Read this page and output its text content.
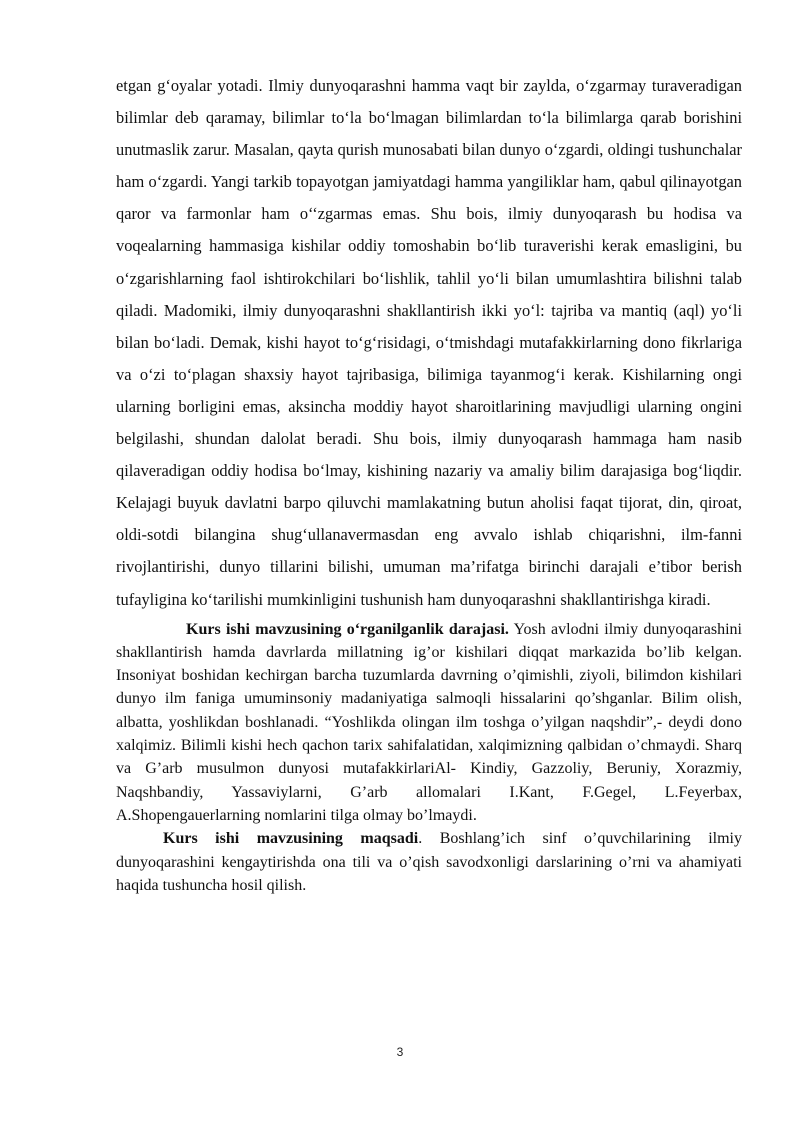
etgan g‘oyalar yotadi. Ilmiy dunyoqarashni hamma vaqt bir zaylda, o‘zgarmay turaveradigan bilimlar deb qaramay, bilimlar to‘la bo‘lmagan bilimlardan to‘la bilimlarga qarab borishini unutmaslik zarur. Masalan, qayta qurish munosabati bilan dunyo o‘zgardi, oldingi tushunchalar ham o‘zgardi. Yangi tarkib topayotgan jamiyatdagi hamma yangiliklar ham, qabul qilinayotgan qaror va farmonlar ham o‘‘zgarmas emas. Shu bois, ilmiy dunyoqarash bu hodisa va voqealarning hammasiga kishilar oddiy tomoshabin bo‘lib turaverishi kerak emasligini, bu o‘zgarishlarning faol ishtirokchilari bo‘lishlik, tahlil yo‘li bilan umumlashtira bilishni talab qiladi. Madomiki, ilmiy dunyoqarashni shakllantirish ikki yo‘l: tajriba va mantiq (aql) yo‘li bilan bo‘ladi. Demak, kishi hayot to‘g‘risidagi, o‘tmishdagi mutafakkirlarning dono fikrlariga va o‘zi to‘plagan shaxsiy hayot tajribasiga, bilimiga tayanmog‘i kerak. Kishilarning ongi ularning borligini emas, aksincha moddiy hayot sharoitlarining mavjudligi ularning ongini belgilashi, shundan dalolat beradi. Shu bois, ilmiy dunyoqarash hammaga ham nasib qilaveradigan oddiy hodisa bo‘lmay, kishining nazariy va amaliy bilim darajasiga bog‘liqdir. Kelajagi buyuk davlatni barpo qiluvchi mamlakatning butun aholisi faqat tijorat, din, qiroat, oldi-sotdi bilangina shug‘ullanavermasdan eng avvalo ishlab chiqarishni, ilm-fanni rivojlantirishi, dunyo tillarini bilishi, umuman ma’rifatga birinchi darajali e’tibor berish tufayligina ko‘tarilishi mumkinligini tushunish ham dunyoqarashni shakllantirishga kiradi.

Kurs ishi mavzusining o‘rganilganlik darajasi. Yosh avlodni ilmiy dunyoqarashini shakllantirish hamda davrlarda millatning ig’or kishilari diqqat markazida bo’lib kelgan. Insoniyat boshidan kechirgan barcha tuzumlarda davrning o’qimishli, ziyoli, bilimdon kishilari dunyo ilm faniga umuminsoniy madaniyatiga salmoqli hissalarini qo’shganlar. Bilim olish, albatta, yoshlikdan boshlanadi. “Yoshlikda olingan ilm toshga o’yilgan naqshdir”,- deydi dono xalqimiz. Bilimli kishi hech qachon tarix sahifalatidan, xalqimizning qalbidan o’chmaydi. Sharq va G’arb musulmon dunyosi mutafakkirlariAl- Kindiy, Gazzoliy, Beruniy, Xorazmiy, Naqshbandiy, Yassaviylarni, G’arb allomalari I.Kant, F.Gegel, L.Feyerbax, A.Shopengauerlarning nomlarini tilga olmay bo’lmaydi.

Kurs ishi mavzusining maqsadi. Boshlang’ich sinf o’quvchilarining ilmiy dunyoqarashini kengaytirishda ona tili va o’qish savodxonligi darslarining o’rni va ahamiyati haqida tushuncha hosil qilish.

3
